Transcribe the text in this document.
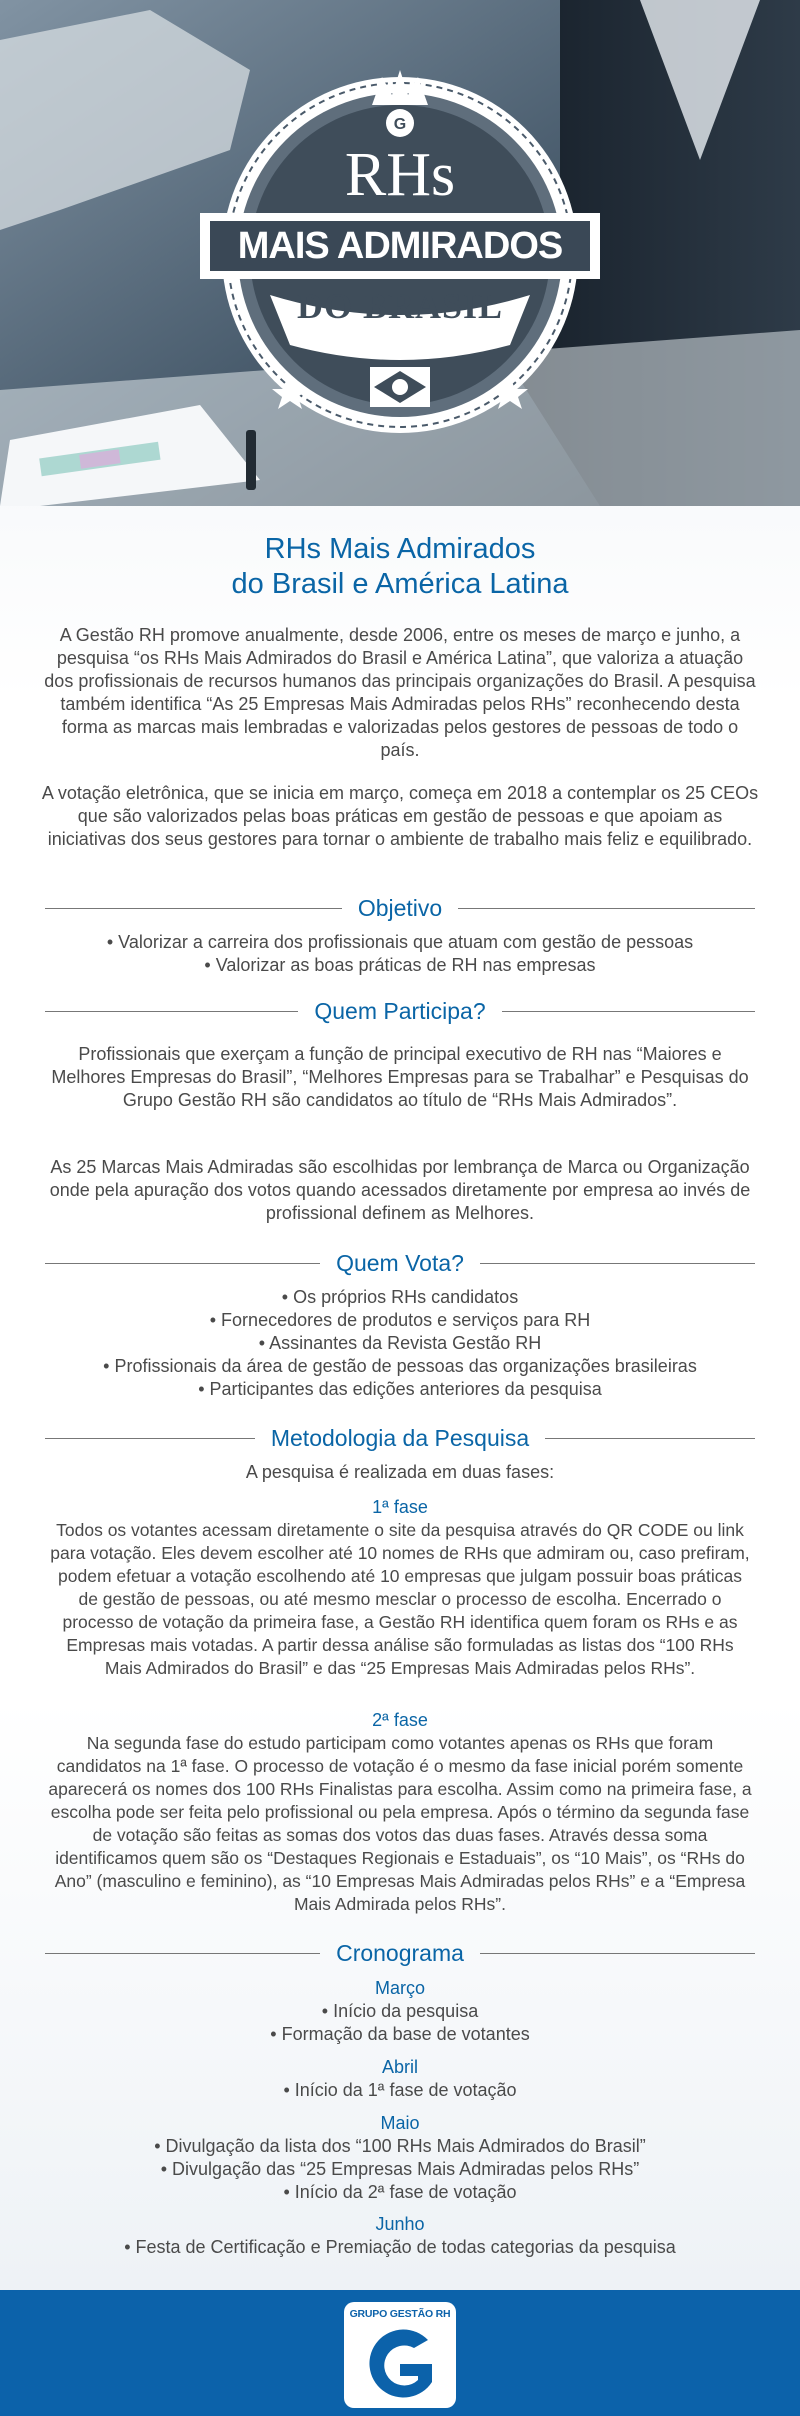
G
RHs
MAIS ADMIRADOS
DO BRASIL
RHs Mais Admirados
do Brasil e América Latina

A Gestão RH promove anualmente, desde 2006, entre os meses de março e junho, a pesquisa “os RHs Mais Admirados do Brasil e América Latina”, que valoriza a atuação dos profissionais de recursos humanos das principais organizações do Brasil. A pesquisa também identifica “As 25 Empresas Mais Admiradas pelos RHs” reconhecendo desta forma as marcas mais lembradas e valorizadas pelos gestores de pessoas de todo o país.

A votação eletrônica, que se inicia em março, começa em 2018 a contemplar os 25 CEOs que são valorizados pelas boas práticas em gestão de pessoas e que apoiam as iniciativas dos seus gestores para tornar o ambiente de trabalho mais feliz e equilibrado.

Objetivo
• Valorizar a carreira dos profissionais que atuam com gestão de pessoas
• Valorizar as boas práticas de RH nas empresas
Quem Participa?

Profissionais que exerçam a função de principal executivo de RH nas “Maiores e Melhores Empresas do Brasil”, “Melhores Empresas para se Trabalhar” e Pesquisas do Grupo Gestão RH são candidatos ao título de “RHs Mais Admirados”.

As 25 Marcas Mais Admiradas são escolhidas por lembrança de Marca ou Organização onde pela apuração dos votos quando acessados diretamente por empresa ao invés de profissional definem as Melhores.

Quem Vota?
• Os próprios RHs candidatos
• Fornecedores de produtos e serviços para RH
• Assinantes da Revista Gestão RH
• Profissionais da área de gestão de pessoas das organizações brasileiras
• Participantes das edições anteriores da pesquisa
Metodologia da Pesquisa

A pesquisa é realizada em duas fases:

1ª fase

Todos os votantes acessam diretamente o site da pesquisa através do QR CODE ou link para votação. Eles devem escolher até 10 nomes de RHs que admiram ou, caso prefiram, podem efetuar a votação escolhendo até 10 empresas que julgam possuir boas práticas de gestão de pessoas, ou até mesmo mesclar o processo de escolha. Encerrado o processo de votação da primeira fase, a Gestão RH identifica quem foram os RHs e as Empresas mais votadas. A partir dessa análise são formuladas as listas dos “100 RHs Mais Admirados do Brasil” e das “25 Empresas Mais Admiradas pelos RHs”.

2ª fase

Na segunda fase do estudo participam como votantes apenas os RHs que foram candidatos na 1ª fase. O processo de votação é o mesmo da fase inicial porém somente aparecerá os nomes dos 100 RHs Finalistas para escolha. Assim como na primeira fase, a escolha pode ser feita pelo profissional ou pela empresa. Após o término da segunda fase de votação são feitas as somas dos votos das duas fases. Através dessa soma identificamos quem são os “Destaques Regionais e Estaduais”, os “10 Mais”, os “RHs do Ano” (masculino e feminino), as “10 Empresas Mais Admiradas pelos RHs” e a “Empresa Mais Admirada pelos RHs”.

Cronograma
Março
• Início da pesquisa
• Formação da base de votantes
Abril
• Início da 1ª fase de votação
Maio
• Divulgação da lista dos “100 RHs Mais Admirados do Brasil”
• Divulgação das “25 Empresas Mais Admiradas pelos RHs”
• Início da 2ª fase de votação
Junho
• Festa de Certificação e Premiação de todas categorias da pesquisa
GRUPO GESTÃO RH
